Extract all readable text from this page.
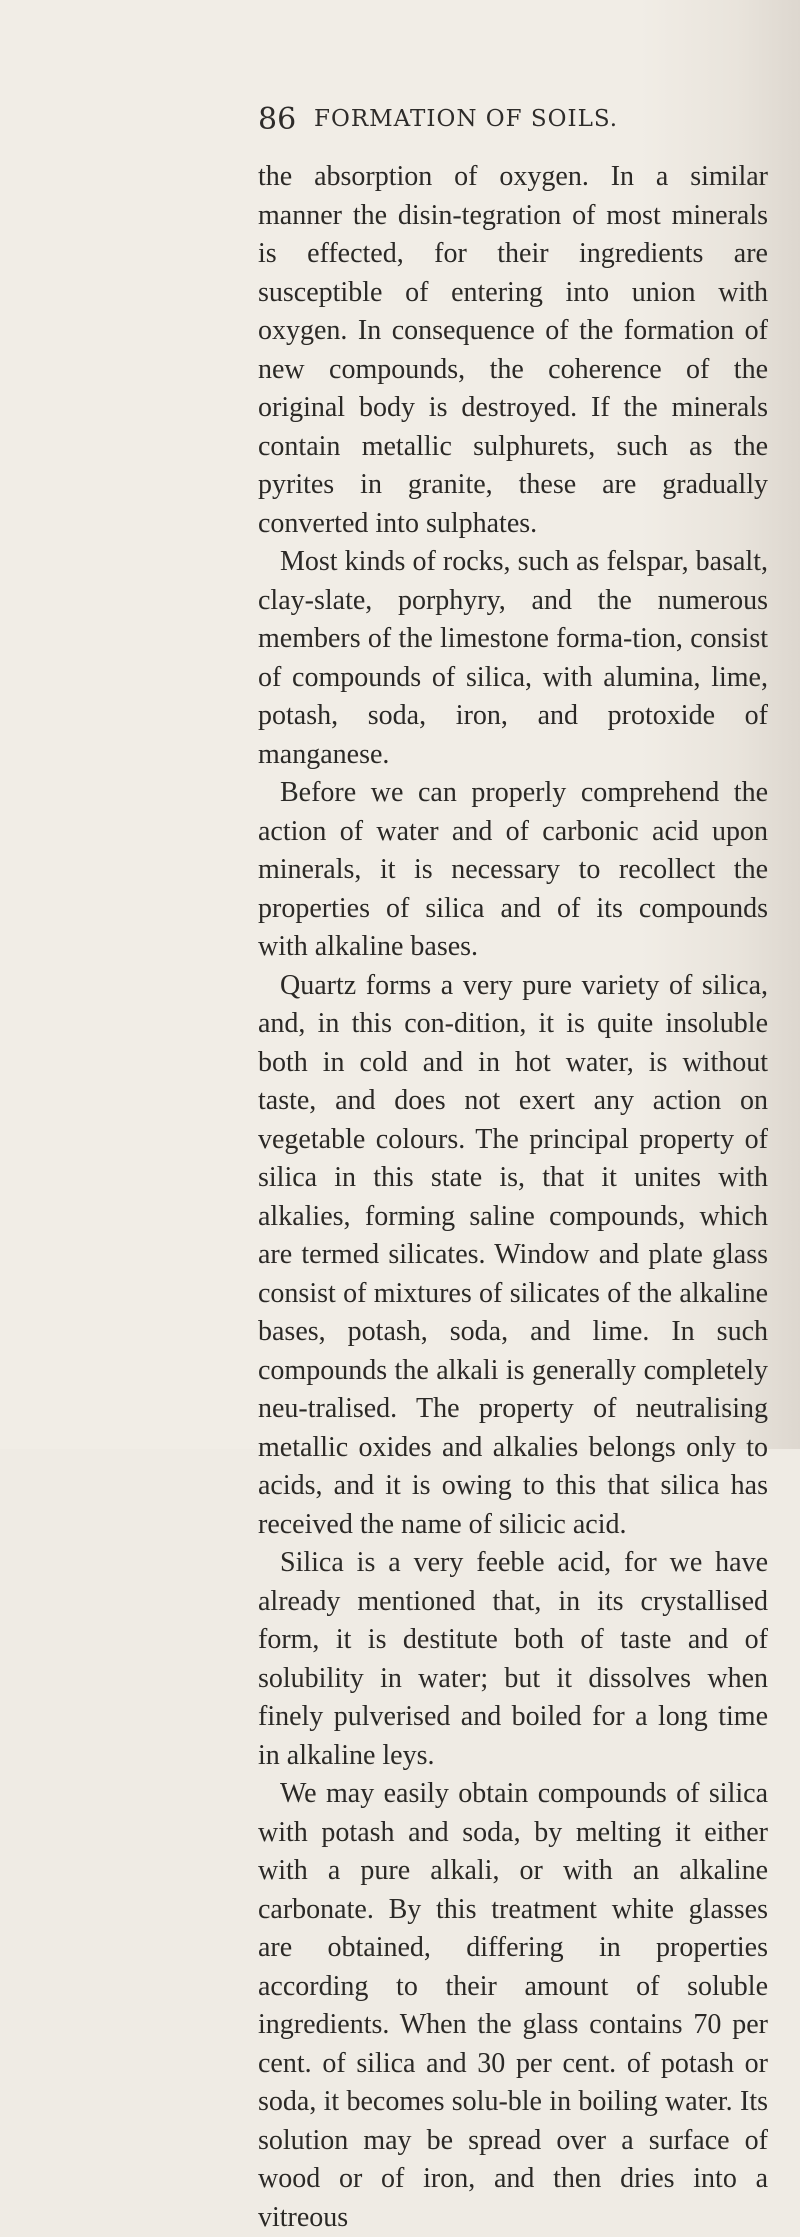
86 FORMATION OF SOILS.

the absorption of oxygen. In a similar manner the disin-tegration of most minerals is effected, for their ingredients are susceptible of entering into union with oxygen. In consequence of the formation of new compounds, the coherence of the original body is destroyed. If the minerals contain metallic sulphurets, such as the pyrites in granite, these are gradually converted into sulphates.

Most kinds of rocks, such as felspar, basalt, clay-slate, porphyry, and the numerous members of the limestone forma-tion, consist of compounds of silica, with alumina, lime, potash, soda, iron, and protoxide of manganese.

Before we can properly comprehend the action of water and of carbonic acid upon minerals, it is necessary to recollect the properties of silica and of its compounds with alkaline bases.

Quartz forms a very pure variety of silica, and, in this con-dition, it is quite insoluble both in cold and in hot water, is without taste, and does not exert any action on vegetable colours. The principal property of silica in this state is, that it unites with alkalies, forming saline compounds, which are termed silicates. Window and plate glass consist of mixtures of silicates of the alkaline bases, potash, soda, and lime. In such compounds the alkali is generally completely neu-tralised. The property of neutralising metallic oxides and alkalies belongs only to acids, and it is owing to this that silica has received the name of silicic acid.

Silica is a very feeble acid, for we have already mentioned that, in its crystallised form, it is destitute both of taste and of solubility in water; but it dissolves when finely pulverised and boiled for a long time in alkaline leys.

We may easily obtain compounds of silica with potash and soda, by melting it either with a pure alkali, or with an alkaline carbonate. By this treatment white glasses are obtained, differing in properties according to their amount of soluble ingredients. When the glass contains 70 per cent. of silica and 30 per cent. of potash or soda, it becomes solu-ble in boiling water. Its solution may be spread over a surface of wood or of iron, and then dries into a vitreous
